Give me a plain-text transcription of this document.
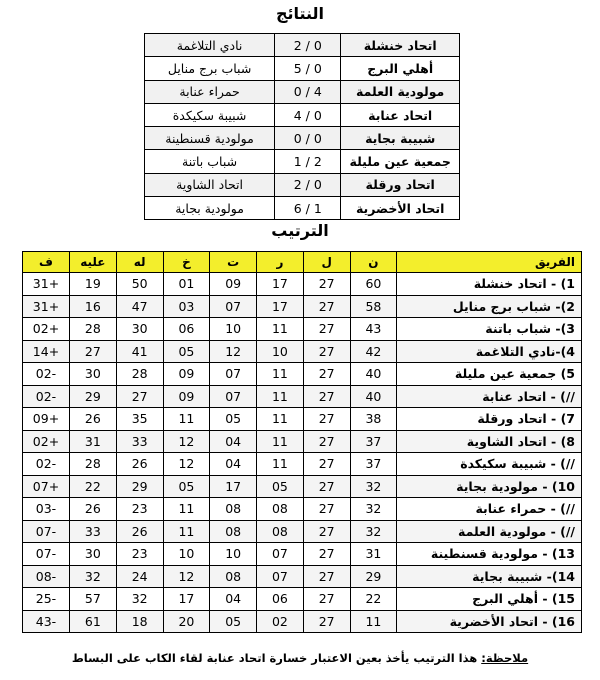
النتائج
اتحاد خنشلة	2 / 0	نادي التلاغمة
أهلي البرج	5 / 0	شباب برج منايل
مولودية العلمة	0 / 4	حمراء عنابة
اتحاد عنابة	4 / 0	شبيبة سكيكدة
شبيبة بجاية	0 / 0	مولودية قسنطينة
جمعية عين مليلة	1 / 2	شباب باتنة
اتحاد ورقلة	2 / 0	اتحاد الشاوية
اتحاد الأخضرية	6 / 1	مولودية بجاية
الترتيب
الفريق	ن	ل	ر	ت	خ	له	عليه	ف
1) - اتحاد خنشلة	60	27	17	09	01	50	19	+31
2)- شباب برج منايل	58	27	17	07	03	47	16	+31
3)- شباب باتنة	43	27	11	10	06	30	28	+02
4)-نادي التلاغمة	42	27	10	12	05	41	27	+14
5) جمعية عين مليلة	40	27	11	07	09	28	30	-02
//) - اتحاد عنابة	40	27	11	07	09	27	29	-02
7) - اتحاد ورقلة	38	27	11	05	11	35	26	+09
8) - اتحاد الشاوية	37	27	11	04	12	33	31	+02
//) - شبيبة سكيكدة	37	27	11	04	12	26	28	-02
10) - مولودية بجاية	32	27	05	17	05	29	22	+07
//) - حمراء عنابة	32	27	08	08	11	23	26	-03
//) - مولودية العلمة	32	27	08	08	11	26	33	-07
13) - مولودية قسنطينة	31	27	07	10	10	23	30	-07
14)- شبيبة بجاية	29	27	07	08	12	24	32	-08
15) - أهلي البرج	22	27	06	04	17	32	57	-25
16) - اتحاد الأخضرية	11	27	02	05	20	18	61	-43
ملاحظة: هذا الترتيب يأخذ بعين الاعتبار خسارة اتحاد عنابة لقاء الكاب على البساط
